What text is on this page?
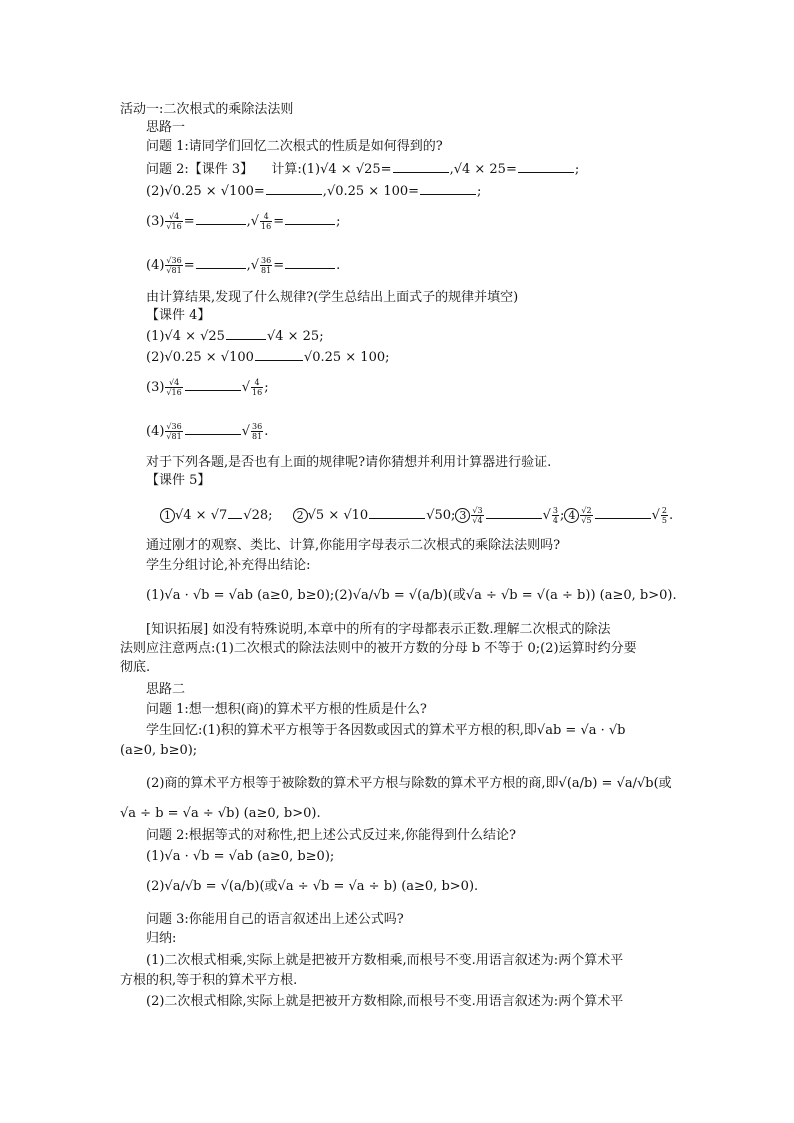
活动一:二次根式的乘除法法则
思路一
问题 1:请同学们回忆二次根式的性质是如何得到的?
问题 2:【课件 3】 计算:(1)√4 × √25=	,√4 × 25=	;
(2)√0.25 × √100=	,√0.25 × 100=	;
$(3) \frac{√4}{√16}$ =	,√ $\frac{4}{16}$ =	;
$(4) \frac{√36}{√81}$ =	,√ $\frac{36}{81}$ =	.
由计算结果,发现了什么规律?(学生总结出上面式子的规律并填空)
【课件 4】
(1)√4 × √25	√4 × 25;
(2)√0.25 × √100	√0.25 × 100;
$(3) \frac{√4}{√16}$	√ $\frac{4}{16}$ ;
$(4) \frac{√36}{√81}$	√ $\frac{36}{81}$ .
对于下列各题,是否也有上面的规律呢?请你猜想并利用计算器进行验证.
【课件 5】
1 √4 × √7 √28; 2 √5 × √10	√50; $3 \frac{√3}{√4}$	√ $\frac{3}{4}$ ; $4 \frac{√2}{√5}$	√ $\frac{2}{5}$ .
通过刚才的观察、类比、计算,你能用字母表示二次根式的乘除法法则吗?
学生分组讨论,补充得出结论:
(1)√a · √b = √ab (a≥0, b≥0);(2)√a/√b = √(a/b)(或√a ÷ √b = √(a ÷ b)) (a≥0, b>0).
[知识拓展] 如没有特殊说明,本章中的所有的字母都表示正数.理解二次根式的除法
法则应注意两点:(1)二次根式的除法法则中的被开方数的分母 b 不等于 0;(2)运算时约分要
彻底.
思路二
问题 1:想一想积(商)的算术平方根的性质是什么?
学生回忆:(1)积的算术平方根等于各因数或因式的算术平方根的积,即√ab = √a · √b
(a≥0, b≥0);
(2)商的算术平方根等于被除数的算术平方根与除数的算术平方根的商,即√(a/b) = √a/√b(或
√a ÷ b = √a ÷ √b) (a≥0, b>0).
问题 2:根据等式的对称性,把上述公式反过来,你能得到什么结论?
(1)√a · √b = √ab (a≥0, b≥0);
(2)√a/√b = √(a/b)(或√a ÷ √b = √a ÷ b) (a≥0, b>0).
问题 3:你能用自己的语言叙述出上述公式吗?
归纳:
(1)二次根式相乘,实际上就是把被开方数相乘,而根号不变.用语言叙述为:两个算术平
方根的积,等于积的算术平方根.
(2)二次根式相除,实际上就是把被开方数相除,而根号不变.用语言叙述为:两个算术平
